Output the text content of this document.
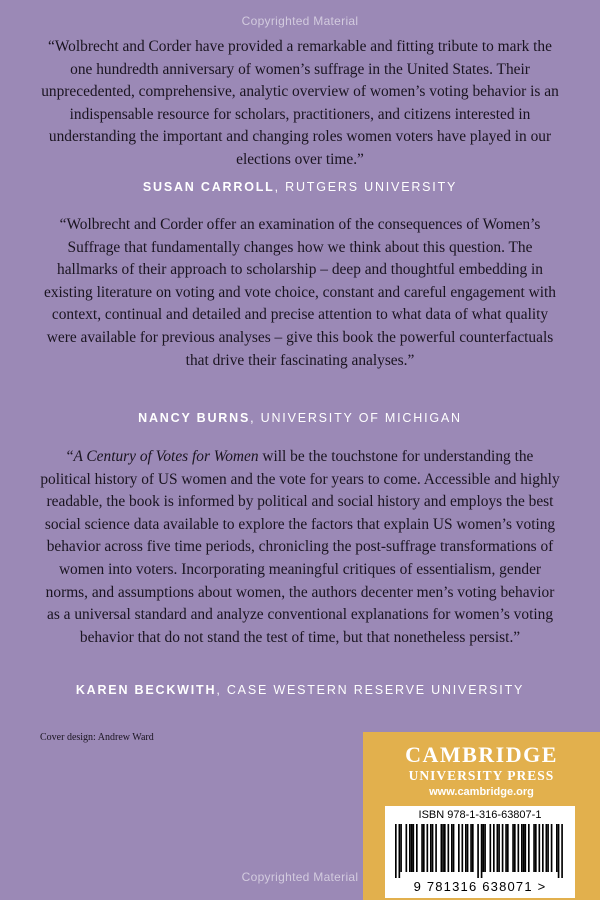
Copyrighted Material

“Wolbrecht and Corder have provided a remarkable and fitting tribute to mark the one hundredth anniversary of women’s suffrage in the United States. Their unprecedented, comprehensive, analytic overview of women’s voting behavior is an indispensable resource for scholars, practitioners, and citizens interested in understanding the important and changing roles women voters have played in our elections over time.”

SUSAN CARROLL, RUTGERS UNIVERSITY

“Wolbrecht and Corder offer an examination of the consequences of Women’s Suffrage that fundamentally changes how we think about this question. The hallmarks of their approach to scholarship – deep and thoughtful embedding in existing literature on voting and vote choice, constant and careful engagement with context, continual and detailed and precise attention to what data of what quality were available for previous analyses – give this book the powerful counterfactuals that drive their fascinating analyses.”

NANCY BURNS, UNIVERSITY OF MICHIGAN

“A Century of Votes for Women will be the touchstone for understanding the political history of US women and the vote for years to come. Accessible and highly readable, the book is informed by political and social history and employs the best social science data available to explore the factors that explain US women’s voting behavior across five time periods, chronicling the post-suffrage transformations of women into voters. Incorporating meaningful critiques of essentialism, gender norms, and assumptions about women, the authors decenter men’s voting behavior as a universal standard and analyze conventional explanations for women’s voting behavior that do not stand the test of time, but that nonetheless persist.”

KAREN BECKWITH, CASE WESTERN RESERVE UNIVERSITY
Cover design: Andrew Ward
CAMBRIDGE
UNIVERSITY PRESS
www.cambridge.org
ISBN 978-1-316-63807-1
9 781316 638071 >
Copyrighted Material
